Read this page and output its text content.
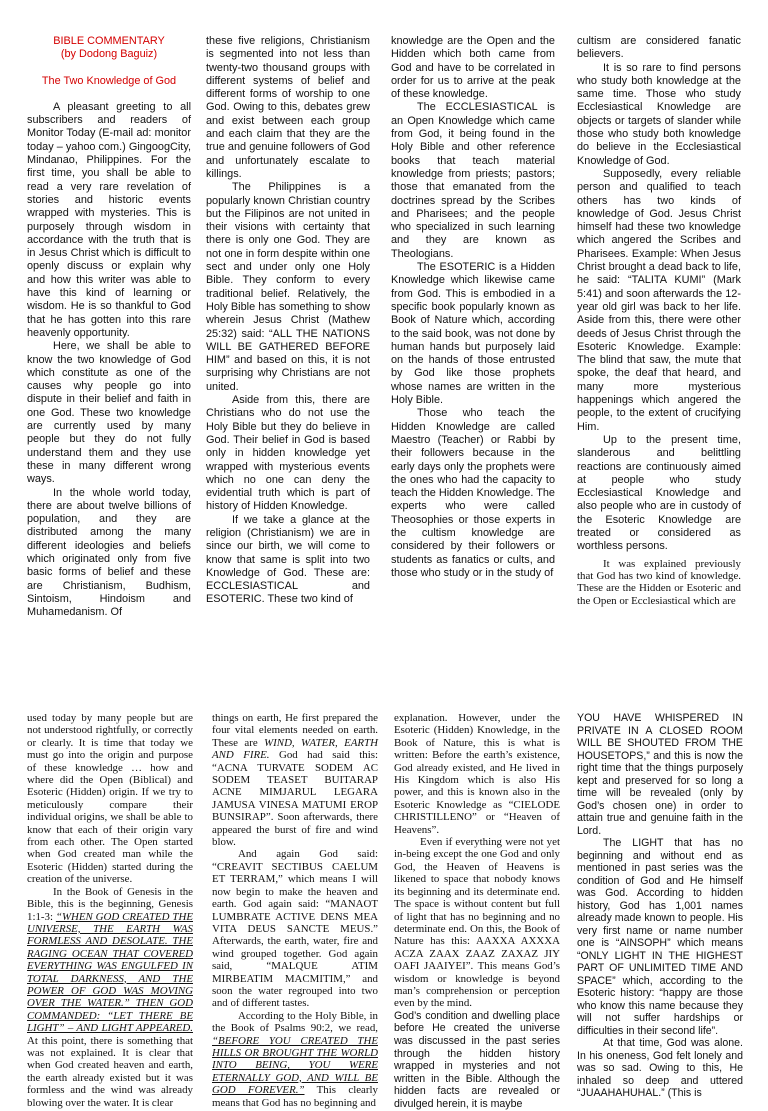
BIBLE COMMENTARY

(by Dodong Baguiz)

The Two Knowledge of God

A pleasant greeting to all subscribers and readers of Monitor Today (E-mail ad: monitor today – yahoo com.) GingoogCity, Mindanao, Philippines. For the first time, you shall be able to read a very rare revelation of stories and historic events wrapped with mysteries. This is purposely through wisdom in accordance with the truth that is in Jesus Christ which is difficult to openly discuss or explain why and how this writer was able to have this kind of learning or wisdom. He is so thankful to God that he has gotten into this rare heavenly opportunity.

Here, we shall be able to know the two knowledge of God which constitute as one of the causes why people go into dispute in their belief and faith in one God. These two knowledge are currently used by many people but they do not fully understand them and they use these in many different wrong ways.

In the whole world today, there are about twelve billions of population, and they are distributed among the many different ideologies and beliefs which originated only from five basic forms of belief and these are Christianism, Budhism, Sintoism, Hindoism and Muhamedanism. Of

these five religions, Christianism is segmented into not less than twenty-two thousand groups with different systems of belief and different forms of worship to one God. Owing to this, debates grew and exist between each group and each claim that they are the true and genuine followers of God and unfortunately escalate to killings.

The Philippines is a popularly known Christian country but the Filipinos are not united in their visions with certainty that there is only one God. They are not one in form despite within one sect and under only one Holy Bible. They conform to every traditional belief. Relatively, the Holy Bible has something to show wherein Jesus Christ (Mathew 25:32) said: “ALL THE NATIONS WILL BE GATHERED BEFORE HIM” and based on this, it is not surprising why Christians are not united.

Aside from this, there are Christians who do not use the Holy Bible but they do believe in God. Their belief in God is based only in hidden knowledge yet wrapped with mysterious events which no one can deny the evidential truth which is part of history of Hidden Knowledge.

If we take a glance at the religion (Christianism) we are in since our birth, we will come to know that same is split into two Knowledge of God. These are: ECCLESIASTICAL and ESOTERIC. These two kind of

knowledge are the Open and the Hidden which both came from God and have to be correlated in order for us to arrive at the peak of these knowledge.

The ECCLESIASTICAL is an Open Knowledge which came from God, it being found in the Holy Bible and other reference books that teach material knowledge from priests; pastors; those that emanated from the doctrines spread by the Scribes and Pharisees; and the people who specialized in such learning and they are known as Theologians.

The ESOTERIC is a Hidden Knowledge which likewise came from God. This is embodied in a specific book popularly known as Book of Nature which, according to the said book, was not done by human hands but purposely laid on the hands of those entrusted by God like those prophets whose names are written in the Holy Bible.

Those who teach the Hidden Knowledge are called Maestro (Teacher) or Rabbi by their followers because in the early days only the prophets were the ones who had the capacity to teach the Hidden Knowledge. The experts who were called Theosophies or those experts in the cultism knowledge are considered by their followers or students as fanatics or cults, and those who study or in the study of

cultism are considered fanatic believers.

It is so rare to find persons who study both knowledge at the same time. Those who study Ecclesiastical Knowledge are objects or targets of slander while those who study both knowledge do believe in the Ecclesiastical Knowledge of God.

Supposedly, every reliable person and qualified to teach others has two kinds of knowledge of God. Jesus Christ himself had these two knowledge which angered the Scribes and Pharisees. Example: When Jesus Christ brought a dead back to life, he said: “TALITA KUMI” (Mark 5:41) and soon afterwards the 12-year old girl was back to her life. Aside from this, there were other deeds of Jesus Christ through the Esoteric Knowledge. Example: The blind that saw, the mute that spoke, the deaf that heard, and many more mysterious happenings which angered the people, to the extent of crucifying Him.

Up to the present time, slanderous and belittling reactions are continuously aimed at people who study Ecclesiastical Knowledge and also people who are in custody of the Esoteric Knowledge are treated or considered as worthless persons.

It was explained previously that God has two kind of knowledge. These are the Hidden or Esoteric and the Open or Ecclesiastical which are

used today by many people but are not understood rightfully, or correctly or clearly. It is time that today we must go into the origin and purpose of these knowledge … how and where did the Open (Biblical) and Esoteric (Hidden) origin. If we try to meticulously compare their individual origins, we shall be able to know that each of their origin vary from each other. The Open started when God created man while the Esoteric (Hidden) started during the creation of the universe.

In the Book of Genesis in the Bible, this is the beginning, Genesis 1:1-3: “WHEN GOD CREATED THE UNIVERSE, THE EARTH WAS FORMLESS AND DESOLATE. THE RAGING OCEAN THAT COVERED EVERYTHING WAS ENGULFED IN TOTAL DARKNESS, AND THE POWER OF GOD WAS MOVING OVER THE WATER.” THEN GOD COMMANDED: “LET THERE BE LIGHT” – AND LIGHT APPEARED. At this point, there is something that was not explained. It is clear that when God created heaven and earth, the earth already existed but it was formless and the wind was already blowing over the water. It is clear

things on earth, He first prepared the four vital elements needed on earth. These are WIND, WATER, EARTH AND FIRE. God had said this: “ACNA TURVATE SODEM AC SODEM TEASET BUITARAP ACNE MIMJARUL LEGARA JAMUSA VINESA MATUMI EROP BUNSIRAP”. Soon afterwards, there appeared the burst of fire and wind blow.

And again God said: “CREAVIT SECTIBUS CAELUM ET TERRAM,” which means I will now begin to make the heaven and earth. God again said: “MANAOT LUMBRATE ACTIVE DENS MEA VITA DEUS SANCTE MEUS.” Afterwards, the earth, water, fire and wind grouped together. God again said, “MALQUE ATIM MIRBEATIM MACMITIM,” and soon the water regrouped into two and of different tastes.

According to the Holy Bible, in the Book of Psalms 90:2, we read, “BEFORE YOU CREATED THE HILLS OR BROUGHT THE WORLD INTO BEING, YOU WERE ETERNALLY GOD, AND WILL BE GOD FOREVER.” This clearly means that God has no beginning and

explanation. However, under the Esoteric (Hidden) Knowledge, in the Book of Nature, this is what is written: Before the earth’s existence, God already existed, and He lived in His Kingdom which is also His power, and this is known also in the Esoteric Knowledge as “CIELODE CHRISTILLENO” or “Heaven of Heavens”.

Even if everything were not yet in-being except the one God and only God, the Heaven of Heavens is likened to space that nobody knows its beginning and its determinate end. The space is without content but full of light that has no beginning and no determinate end. On this, the Book of Nature has this: AAXXA AXXXA ACZA ZAAX ZAAZ ZAXAZ JIY OAFI JAAIYEI”. This means God’s wisdom or knowledge is beyond man’s comprehension or perception even by the mind.

God’s condition and dwelling place before He created the universe was discussed in the past series through the hidden history wrapped in mysteries and not written in the Bible. Although the hidden facts are revealed or divulged herein, it is maybe

YOU HAVE WHISPERED IN PRIVATE IN A CLOSED ROOM WILL BE SHOUTED FROM THE HOUSETOPS,” and this is now the right time that the things purposely kept and preserved for so long a time will be revealed (only by God’s chosen one) in order to attain true and genuine faith in the Lord.

The LIGHT that has no beginning and without end as mentioned in past series was the condition of God and He himself was God. According to hidden history, God has 1,001 names already made known to people. His very first name or name number one is “AINSOPH” which means “ONLY LIGHT IN THE HIGHEST PART OF UNLIMITED TIME AND SPACE” which, according to the Esoteric history: “happy are those who know this name because they will not suffer hardships or difficulties in their second life”.

At that time, God was alone. In his oneness, God felt lonely and was so sad. Owing to this, He inhaled so deep and uttered “JUAAHAHUHAL.” (This is
